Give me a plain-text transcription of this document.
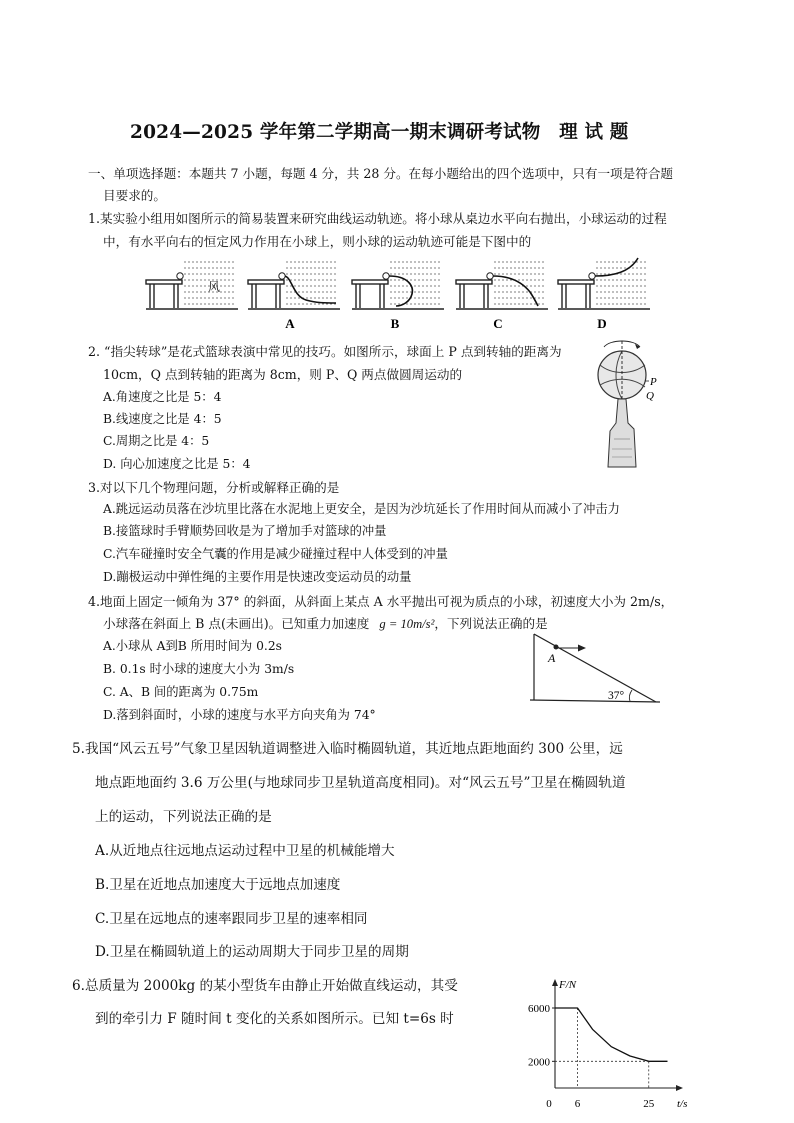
2024—2025 学年第二学期高一期末调研考试物　理 试 题
一、单项选择题：本题共 7 小题，每题 4 分，共 28 分。在每小题给出的四个选项中，只有一项是符合题
目要求的。
1.某实验小组用如图所示的简易装置来研究曲线运动轨迹。将小球从桌边水平向右抛出，小球运动的过程
中，有水平向右的恒定风力作用在小球上，则小球的运动轨迹可能是下图中的
风
A	B	C	D
2. “指尖转球”是花式篮球表演中常见的技巧。如图所示，球面上 P 点到转轴的距离为
10cm，Q 点到转轴的距离为 8cm，则 P、Q 两点做圆周运动的
A.角速度之比是 5：4
B.线速度之比是 4：5
C.周期之比是 4：5
D. 向心加速度之比是 5：4
P
Q
3.对以下几个物理问题，分析或解释正确的是
A.跳远运动员落在沙坑里比落在水泥地上更安全，是因为沙坑延长了作用时间从而减小了冲击力
B.接篮球时手臂顺势回收是为了增加手对篮球的冲量
C.汽车碰撞时安全气囊的作用是减少碰撞过程中人体受到的冲量
D.蹦极运动中弹性绳的主要作用是快速改变运动员的动量
4.地面上固定一倾角为 37° 的斜面，从斜面上某点 A 水平抛出可视为质点的小球，初速度大小为 2m/s，
小球落在斜面上 B 点(未画出)。已知重力加速度 g = 10m/s²，下列说法正确的是
A.小球从 A到B 所用时间为 0.2s
B. 0.1s 时小球的速度大小为 3m/s
C. A、B 间的距离为 0.75m
D.落到斜面时，小球的速度与水平方向夹角为 74°
A
37°
5.我国“风云五号”气象卫星因轨道调整进入临时椭圆轨道，其近地点距地面约 300 公里，远
地点距地面约 3.6 万公里(与地球同步卫星轨道高度相同)。对“风云五号”卫星在椭圆轨道
上的运动，下列说法正确的是
A.从近地点往远地点运动过程中卫星的机械能增大
B.卫星在近地点加速度大于远地点加速度
C.卫星在远地点的速率跟同步卫星的速率相同
D.卫星在椭圆轨道上的运动周期大于同步卫星的周期
6.总质量为 2000kg 的某小型货车由静止开始做直线运动，其受
到的牵引力 F 随时间 t 变化的关系如图所示。已知 t=6s 时
F/N
t/s
2000
6000
0 6	25
